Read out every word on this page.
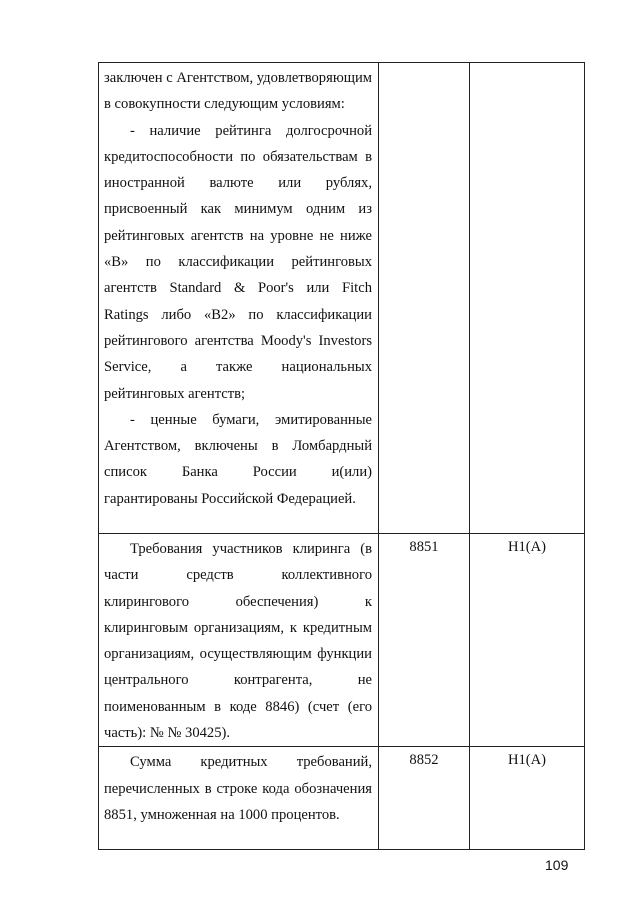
заключен с Агентством, удовлетворяющим в совокупности следующим условиям:

- наличие рейтинга долгосрочной кредитоспособности по обязательствам в иностранной валюте или рублях, присвоенный как минимум одним из рейтинговых агентств на уровне не ниже «В» по классификации рейтинговых агентств Standard & Poor's или Fitch Ratings либо «В2» по классификации рейтингового агентства Moody's Investors Service, а также национальных рейтинговых агентств;

- ценные бумаги, эмитированные Агентством, включены в Ломбардный список Банка России и(или) гарантированы Российской Федерацией.		

Требования участников клиринга (в части средств коллективного клирингового обеспечения) к клиринговым организациям, к кредитным организациям, осуществляющим функции центрального контрагента, не поименованным в коде 8846) (счет (его часть): № № 30425).	8851	Н1(А)

Сумма кредитных требований, перечисленных в строке кода обозначения 8851, умноженная на 1000 процентов.	8852	Н1(А)
109
